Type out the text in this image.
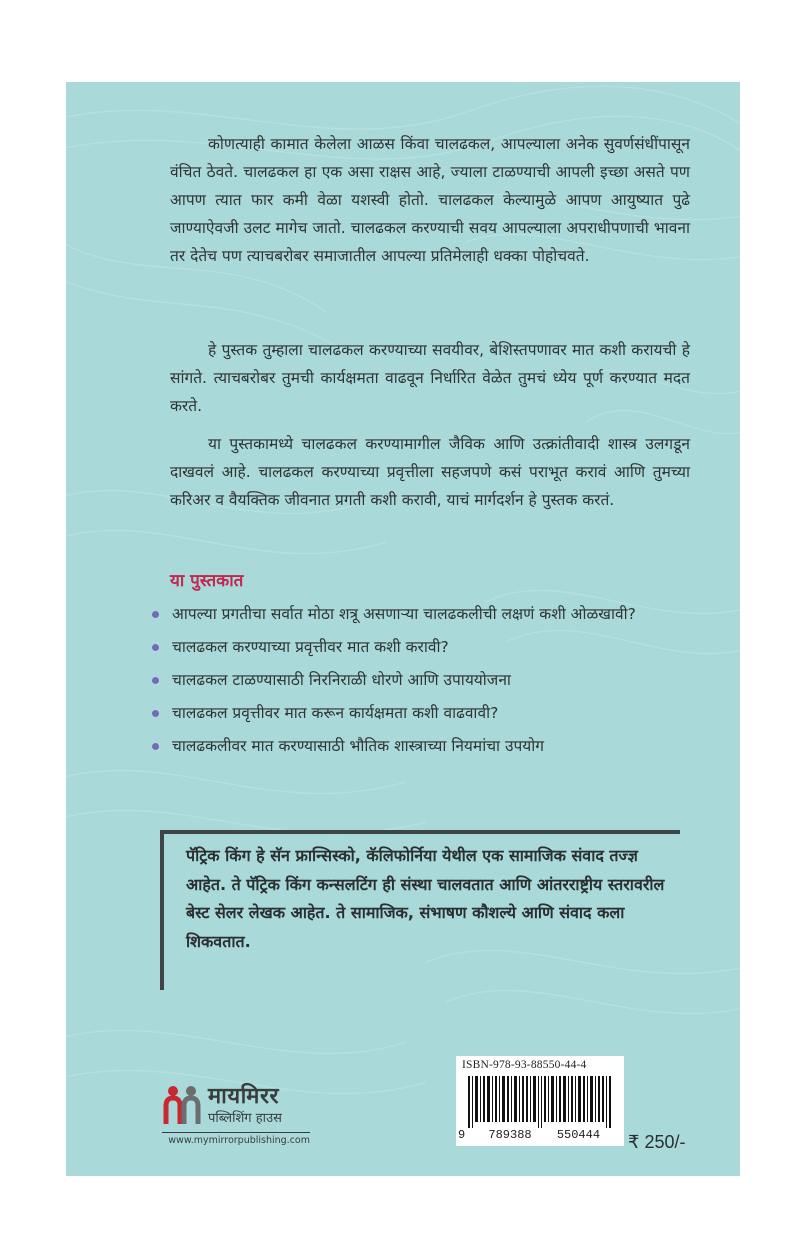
कोणत्याही कामात केलेला आळस किंवा चालढकल, आपल्याला अनेक सुवर्णसंधींपासून वंचित ठेवते. चालढकल हा एक असा राक्षस आहे, ज्याला टाळण्याची आपली इच्छा असते पण आपण त्यात फार कमी वेळा यशस्वी होतो. चालढकल केल्यामुळे आपण आयुष्यात पुढे जाण्याऐवजी उलट मागेच जातो. चालढकल करण्याची सवय आपल्याला अपराधीपणाची भावना तर देतेच पण त्याचबरोबर समाजातील आपल्या प्रतिमेलाही धक्का पोहोचवते.

हे पुस्तक तुम्हाला चालढकल करण्याच्या सवयीवर, बेशिस्तपणावर मात कशी करायची हे सांगते. त्याचबरोबर तुमची कार्यक्षमता वाढवून निर्धारित वेळेत तुमचं ध्येय पूर्ण करण्यात मदत करते.

या पुस्तकामध्ये चालढकल करण्यामागील जैविक आणि उत्क्रांतीवादी शास्त्र उलगडून दाखवलं आहे. चालढकल करण्याच्या प्रवृत्तीला सहजपणे कसं पराभूत करावं आणि तुमच्या करिअर व वैयक्तिक जीवनात प्रगती कशी करावी, याचं मार्गदर्शन हे पुस्तक करतं.

या पुस्तकात
आपल्या प्रगतीचा सर्वात मोठा शत्रू असणाऱ्या चालढकलीची लक्षणं कशी ओळखावी?
चालढकल करण्याच्या प्रवृत्तीवर मात कशी करावी?
चालढकल टाळण्यासाठी निरनिराळी धोरणे आणि उपाययोजना
चालढकल प्रवृत्तीवर मात करून कार्यक्षमता कशी वाढवावी?
चालढकलीवर मात करण्यासाठी भौतिक शास्त्राच्या नियमांचा उपयोग

पॅट्रिक किंग हे सॅन फ्रान्सिस्को, कॅलिफोर्निया येथील एक सामाजिक संवाद तज्ज्ञ आहेत. ते पॅट्रिक किंग कन्सलटिंग ही संस्था चालवतात आणि आंतरराष्ट्रीय स्तरावरील बेस्ट सेलर लेखक आहेत. ते सामाजिक, संभाषण कौशल्ये आणि संवाद कला शिकवतात.

मायमिरर
पब्लिशिंग हाउस
www.mymirrorpublishing.com
ISBN-978-93-88550-44-4
9 789388 550444	₹ 250/-
